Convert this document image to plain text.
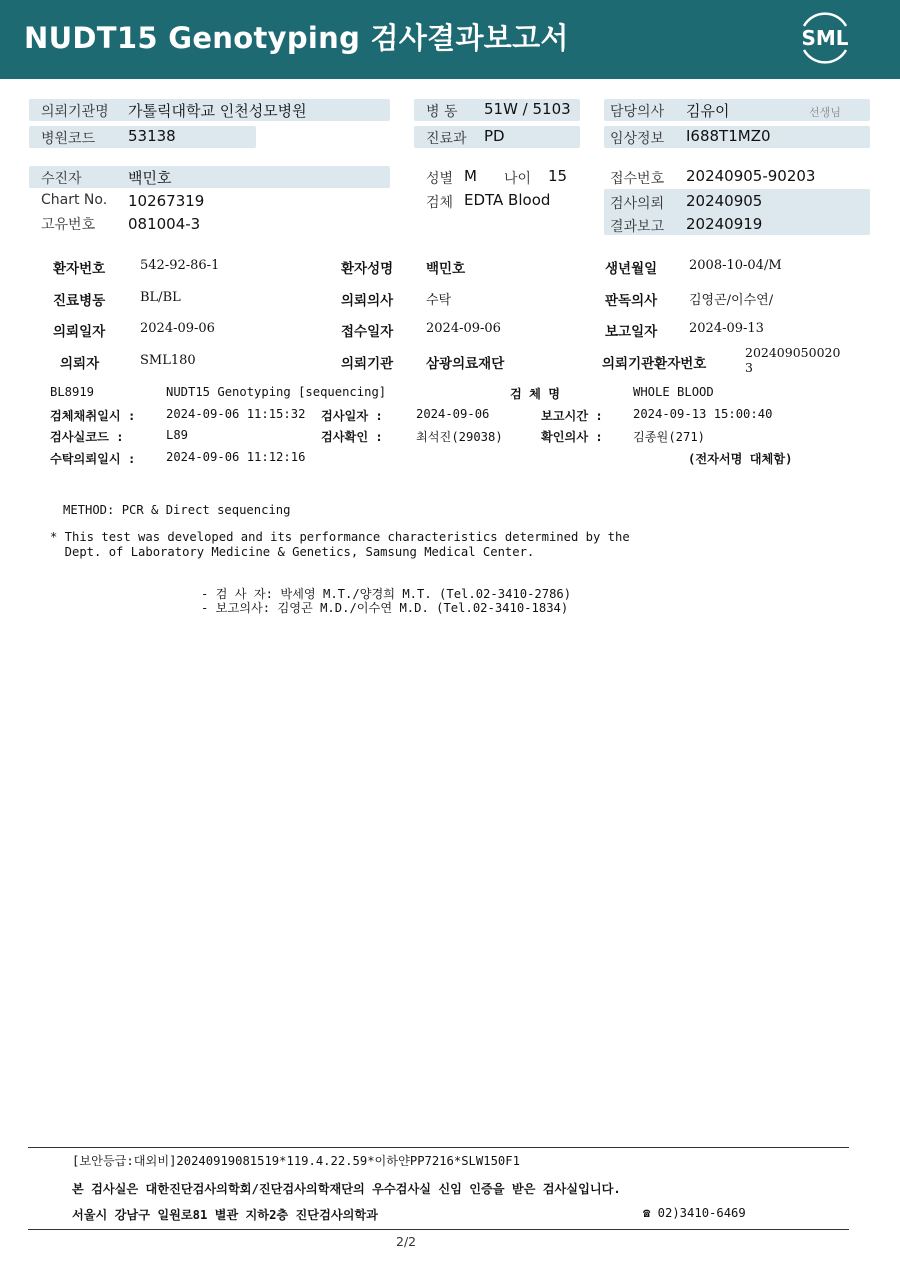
NUDT15 Genotyping 검사결과보고서	SML
의뢰기관명 가톨릭대학교 인천성모병원	병 동 51W / 5103	담당의사 김유이	선생님
병원코드 53138	진료과 PD	임상정보 I688T1MZ0
수진자	백민호	성별 M 나이 15	접수번호 20240905-90203
Chart No. 10267319	검체 EDTA Blood	검사의뢰 20240905
고유번호 081004-3	결과보고 20240919
환자번호	542-92-86-1	환자성명 백민호	생년월일 2008-10-04/M
진료병동	BL/BL	의뢰의사	수탁	판독의사 김영곤/이수연/
의뢰일자	2024-09-06	접수일자	2024-09-06	보고일자 2024-09-13
의뢰자	SML180	의뢰기관 삼광의료재단	의뢰기관환자번호
202409050020
3
BL8919	NUDT15 Genotyping [sequencing]	검 체 명	WHOLE BLOOD
검체채취일시 :	2024-09-06 11:15:32 검사일자 :	2024-09-06	보고시간 : 2024-09-13 15:00:40
검사실코드 :	L89	검사확인 :	최석진(29038)	확인의사 : 김종원(271)
수탁의뢰일시 :	2024-09-06 11:12:16	(전자서명 대체함)
METHOD: PCR & Direct sequencing
* This test was developed and its performance characteristics determined by the
Dept. of Laboratory Medicine & Genetics, Samsung Medical Center.
- 검 사 자: 박세영 M.T./양경희 M.T. (Tel.02-3410-2786)
- 보고의사: 김영곤 M.D./이수연 M.D. (Tel.02-3410-1834)
[보안등급:대외비]20240919081519*119.4.22.59*이하얀PP7216*SLW150F1
본 검사실은 대한진단검사의학회/진단검사의학재단의 우수검사실 신임 인증을 받은 검사실입니다.
서울시 강남구 일원로81 별관 지하2층 진단검사의학과	☎ 02)3410-6469
2/2
